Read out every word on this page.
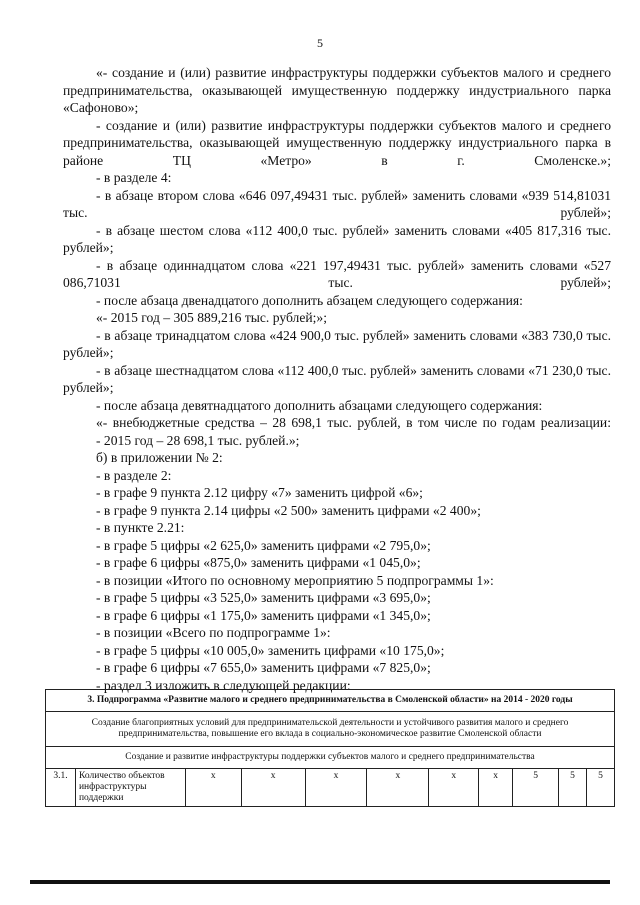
5

«- создание и (или) развитие инфраструктуры поддержки субъектов малого и среднего предпринимательства, оказывающей имущественную поддержку индустриального парка «Сафоново»;

- создание и (или) развитие инфраструктуры поддержки субъектов малого и среднего предпринимательства, оказывающей имущественную поддержку индустриального парка в районе ТЦ «Метро» в г. Смоленске.»;

- в разделе 4:

- в абзаце втором слова «646 097,49431 тыс. рублей» заменить словами «939 514,81031 тыс. рублей»;

- в абзаце шестом слова «112 400,0 тыс. рублей» заменить словами «405 817,316 тыс. рублей»;

- в абзаце одиннадцатом слова «221 197,49431 тыс. рублей» заменить словами «527 086,71031 тыс. рублей»;

- после абзаца двенадцатого дополнить абзацем следующего содержания:

«- 2015 год – 305 889,216 тыс. рублей;»;

- в абзаце тринадцатом слова «424 900,0 тыс. рублей» заменить словами «383 730,0 тыс. рублей»;

- в абзаце шестнадцатом слова «112 400,0 тыс. рублей» заменить словами «71 230,0 тыс. рублей»;

- после абзаца девятнадцатого дополнить абзацами следующего содержания:

«- внебюджетные средства – 28 698,1 тыс. рублей, в том числе по годам реализации:

- 2015 год – 28 698,1 тыс. рублей.»;

б) в приложении № 2:

- в разделе 2:

- в графе 9 пункта 2.12 цифру «7» заменить цифрой «6»;

- в графе 9 пункта 2.14 цифры «2 500» заменить цифрами «2 400»;

- в пункте 2.21:

- в графе 5 цифры «2 625,0» заменить цифрами «2 795,0»;

- в графе 6 цифры «875,0» заменить цифрами «1 045,0»;

- в позиции «Итого по основному мероприятию 5 подпрограммы 1»:

- в графе 5 цифры «3 525,0» заменить цифрами «3 695,0»;

- в графе 6 цифры «1 175,0» заменить цифрами «1 345,0»;

- в позиции «Всего по подпрограмме 1»:

- в графе 5 цифры «10 005,0» заменить цифрами «10 175,0»;

- в графе 6 цифры «7 655,0» заменить цифрами «7 825,0»;

- раздел 3 изложить в следующей редакции:

3. Подпрограмма «Развитие малого и среднего предпринимательства в Смоленской области» на 2014 - 2020 годы
Создание благоприятных условий для предпринимательской деятельности и устойчивого развития малого и среднего предпринимательства, повышение его вклада в социально-экономическое развитие Смоленской области
Создание и развитие инфраструктуры поддержки субъектов малого и среднего предпринимательства
3.1.	Количество объектов инфраструктуры поддержки	х	х	х	х	х	х	5	5	5
